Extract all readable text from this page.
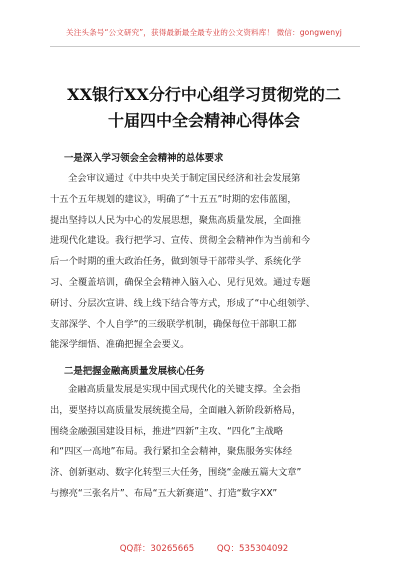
关注头条号“公文研究”，获得最新最全最专业的公文资料库！ 微信：gongwenyj
XX银行XX分行中心组学习贯彻党的二
十届四中全会精神心得体会
一是深入学习领会全会精神的总体要求
全会审议通过《中共中央关于制定国民经济和社会发展第
十五个五年规划的建议》，明确了“十五五”时期的宏伟蓝图，
提出坚持以人民为中心的发展思想，聚焦高质量发展，全面推
进现代化建设。我行把学习、宣传、贯彻全会精神作为当前和今
后一个时期的重大政治任务，做到领导干部带头学、系统化学
习、全覆盖培训，确保全会精神入脑入心、见行见效。通过专题
研讨、分层次宣讲、线上线下结合等方式，形成了“中心组领学、
支部深学、个人自学”的三级联学机制，确保每位干部职工都
能深学细悟、准确把握全会要义。
二是把握金融高质量发展核心任务
金融高质量发展是实现中国式现代化的关键支撑。全会指
出，要坚持以高质量发展统揽全局，全面融入新阶段新格局，
围绕金融强国建设目标，推进“四新”主攻、“四化”主战略
和“四区一高地”布局。我行紧扣全会精神，聚焦服务实体经
济、创新驱动、数字化转型三大任务，围绕“金融五篇大文章”
与擦亮“三张名片”、布局“五大新赛道”、打造“数字XX”
QQ群：30265665	QQ：535304092
